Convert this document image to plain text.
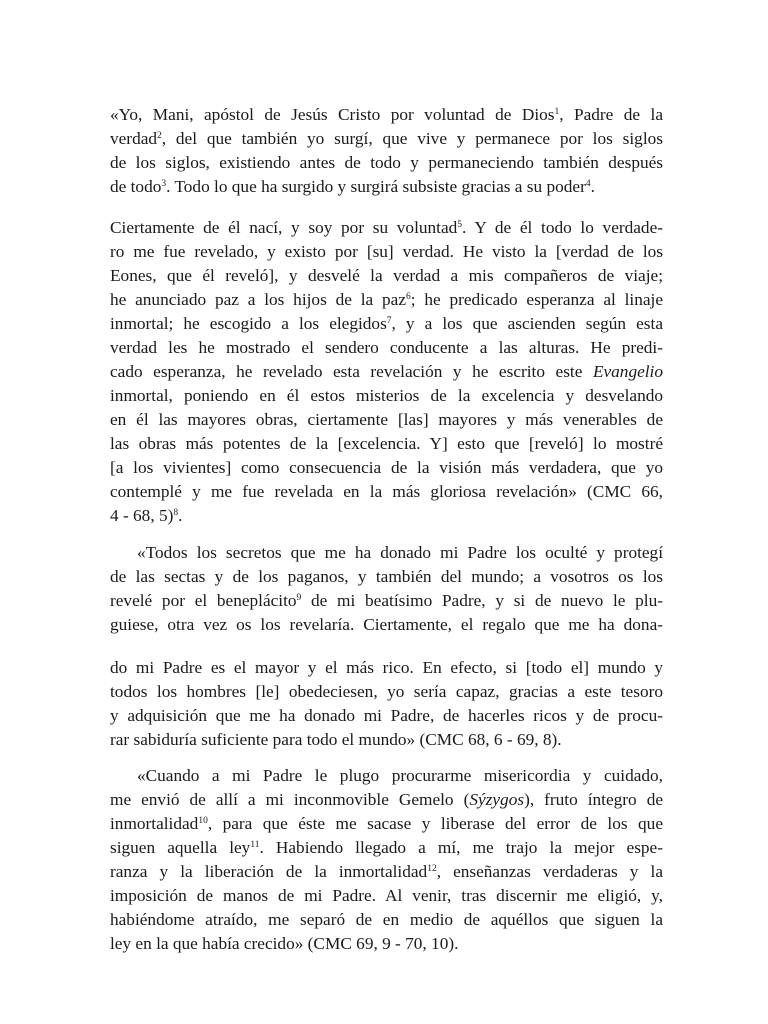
«Yo, Mani, apóstol de Jesús Cristo por voluntad de Dios$^1$, Padre de la
verdad$^2$, del que también yo surgí, que vive y permanece por los siglos
de los siglos, existiendo antes de todo y permaneciendo también después
de todo$^3$. Todo lo que ha surgido y surgirá subsiste gracias a su poder$^4$.
Ciertamente de él nací, y soy por su voluntad$^5$. Y de él todo lo verdade-
ro me fue revelado, y existo por [su] verdad. He visto la [verdad de los
Eones, que él reveló], y desvelé la verdad a mis compañeros de viaje;
he anunciado paz a los hijos de la paz$^6$; he predicado esperanza al linaje
inmortal; he escogido a los elegidos$^7$, y a los que ascienden según esta
verdad les he mostrado el sendero conducente a las alturas. He predi-
cado esperanza, he revelado esta revelación y he escrito este Evangelio
inmortal, poniendo en él estos misterios de la excelencia y desvelando
en él las mayores obras, ciertamente [las] mayores y más venerables de
las obras más potentes de la [excelencia. Y] esto que [reveló] lo mostré
[a los vivientes] como consecuencia de la visión más verdadera, que yo
contemplé y me fue revelada en la más gloriosa revelación» (CMC 66,
4 - 68, 5)$^8$.
«Todos los secretos que me ha donado mi Padre los oculté y protegí
de las sectas y de los paganos, y también del mundo; a vosotros os los
revelé por el beneplácito$^9$ de mi beatísimo Padre, y si de nuevo le plu-
guiese, otra vez os los revelaría. Ciertamente, el regalo que me ha dona-
do mi Padre es el mayor y el más rico. En efecto, si [todo el] mundo y
todos los hombres [le] obedeciesen, yo sería capaz, gracias a este tesoro
y adquisición que me ha donado mi Padre, de hacerles ricos y de procu-
rar sabiduría suficiente para todo el mundo» (CMC 68, 6 - 69, 8).
«Cuando a mi Padre le plugo procurarme misericordia y cuidado,
me envió de allí a mi inconmovible Gemelo (Sýzygos), fruto íntegro de
inmortalidad$^{10}$, para que éste me sacase y liberase del error de los que
siguen aquella ley$^{11}$. Habiendo llegado a mí, me trajo la mejor espe-
ranza y la liberación de la inmortalidad$^{12}$, enseñanzas verdaderas y la
imposición de manos de mi Padre. Al venir, tras discernir me eligió, y,
habiéndome atraído, me separó de en medio de aquéllos que siguen la
ley en la que había crecido» (CMC 69, 9 - 70, 10).
